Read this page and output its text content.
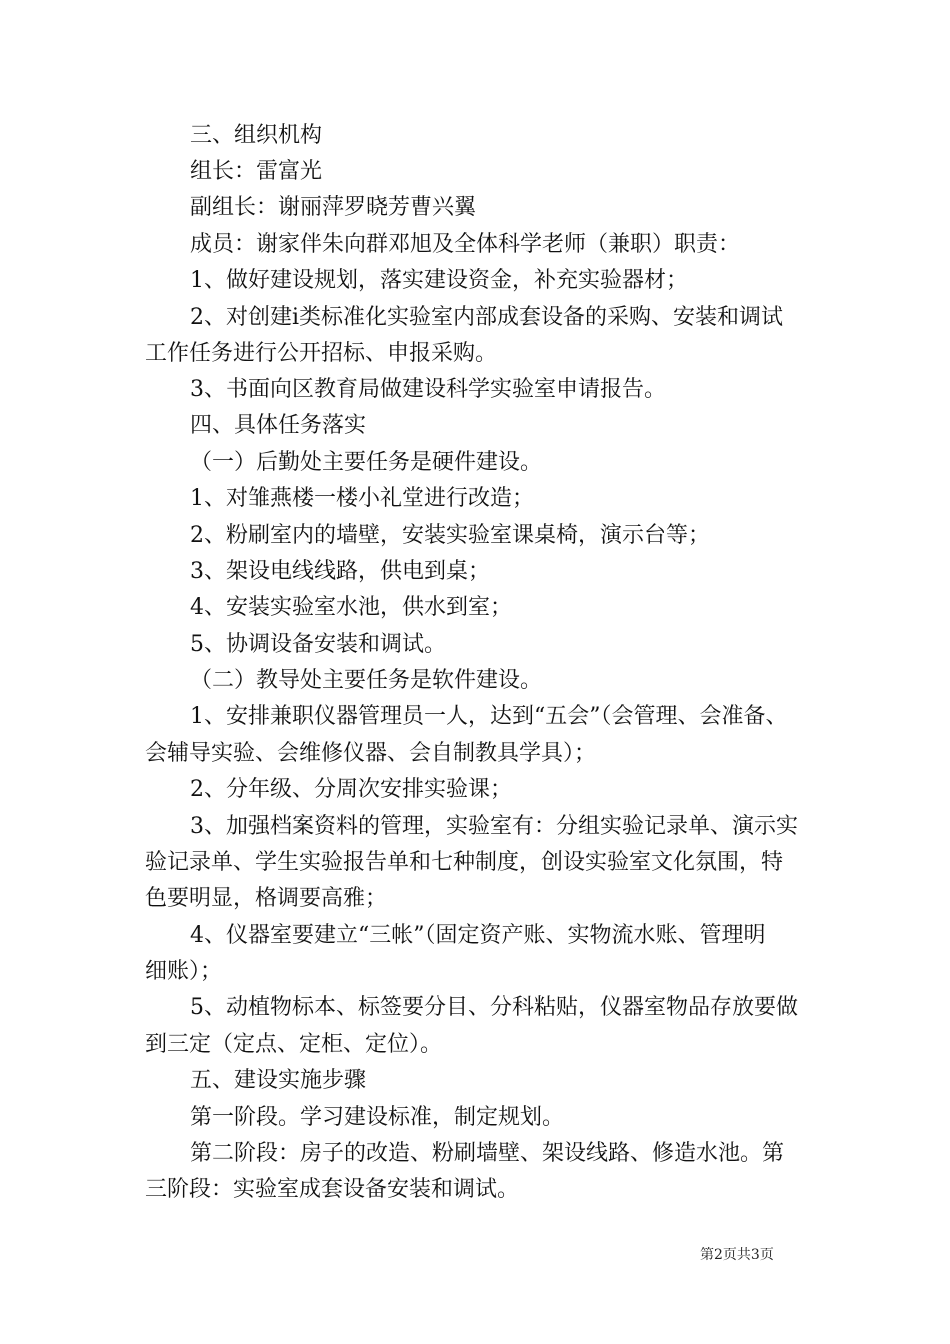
三、组织机构
组长：雷富光
副组长：谢丽萍罗晓芳曹兴翼
成员：谢家伴朱向群邓旭及全体科学老师（兼职）职责：
1、做好建设规划，落实建设资金，补充实验器材；
2、对创建ⅰ类标准化实验室内部成套设备的采购、安装和调试
工作任务进行公开招标、申报采购。
3、书面向区教育局做建设科学实验室申请报告。
四、具体任务落实
（一）后勤处主要任务是硬件建设。
1、对雏燕楼一楼小礼堂进行改造；
2、粉刷室内的墙壁，安装实验室课桌椅，演示台等；
3、架设电线线路，供电到桌；
4、安装实验室水池，供水到室；
5、协调设备安装和调试。
（二）教导处主要任务是软件建设。
1、安排兼职仪器管理员一人，达到“五会”（会管理、会准备、
会辅导实验、会维修仪器、会自制教具学具）；
2、分年级、分周次安排实验课；
3、加强档案资料的管理，实验室有：分组实验记录单、演示实
验记录单、学生实验报告单和七种制度，创设实验室文化氛围，特
色要明显，格调要高雅；
4、仪器室要建立“三帐”（固定资产账、实物流水账、管理明
细账）；
5、动植物标本、标签要分目、分科粘贴，仪器室物品存放要做
到三定（定点、定柜、定位）。
五、建设实施步骤
第一阶段。学习建设标准，制定规划。
第二阶段：房子的改造、粉刷墙壁、架设线路、修造水池。第
三阶段：实验室成套设备安装和调试。
第2页共3页
